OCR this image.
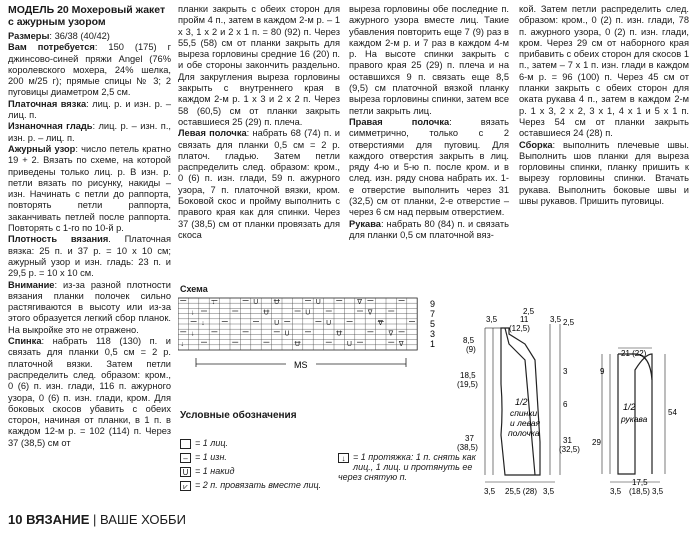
МОДЕЛЬ 20 Мохеровый жакет с ажурным узором

Размеры: 36/38 (40/42)

Вам потребуется: 150 (175) г джинсово-синей пряжи Angel (76% королевского мохера, 24% шелка, 200 м/25 г); прямые спицы № 3; 2 пуговицы диаметром 2,5 см.

Платочная вязка: лиц. р. и изн. р. – лиц. п.

Изнаночная гладь: лиц. р. – изн. п., изн. р. – лиц. п.

Ажурный узор: число петель кратно 19 + 2. Вязать по схеме, на которой приведены только лиц. р. В изн. р. петли вязать по рисунку, накиды – изн. Начинать с петли до раппорта, повторять петли раппорта, заканчивать петлей после раппорта. Повторять с 1-го по 10-й р.

Плотность вязания. Платочная вязка: 25 п. и 37 р. = 10 x 10 см; ажурный узор и изн. гладь: 23 п. и 29,5 р. = 10 x 10 см.

Внимание: из-за разной плотности вязания планки полочек сильно растягиваются в высоту или из-за этого образуется легкий сбор планок. На выкройке это не отражено.

Спинка: набрать 118 (130) п. и связать для планки 0,5 см = 2 р. платочной вязки. Затем петли распределить след. образом: кром., 0 (6) п. изн. глади, 116 п. ажурного узора, 0 (6) п. изн. глади, кром. Для боковых скосов убавить с обеих сторон, начиная от планки, в 1 п. в каждом 12-м р. = 102 (114) п. Через 37 (38,5) см от

планки закрыть с обеих сторон для пройм 4 п., затем в каждом 2-м р. – 1 x 3, 1 x 2 и 2 x 1 п. = 80 (92) п. Через 55,5 (58) см от планки закрыть для выреза горловины средние 16 (20) п. и обе стороны закончить раздельно. Для закругления выреза горловины закрыть с внутреннего края в каждом 2-м р. 1 x 3 и 2 x 2 п. Через 58 (60,5) см от планки закрыть оставшиеся 25 (29) п. плеча.

Левая полочка: набрать 68 (74) п. и связать для планки 0,5 см = 2 р. платоч. гладью. Затем петли распределить след. образом: кром., 0 (6) п. изн. глади, 59 п. ажурного узора, 7 п. платочной вязки, кром. Боковой скос и пройму выполнить с правого края как для спинки. Через 37 (38,5) см от планки провязать для скоса

выреза горловины обе последние п. ажурного узора вместе лиц. Такие убавления повторить еще 7 (9) раз в каждом 2-м р. и 7 раз в каждом 4-м р. На высоте спинки закрыть с правого края 25 (29) п. плеча и на оставшихся 9 п. связать еще 8,5 (9,5) см платочной вязкой планку выреза горловины спинки, затем все петли закрыть лиц.

Правая полочка: вязать симметрично, только с 2 отверстиями для пуговиц. Для каждого отверстия закрыть в лиц. ряду 4-ю и 5-ю п. после кром. и в след. изн. ряду снова набрать их. 1-е отверстие выполнить через 31 (32,5) см от планки, 2-е отверстие – через 6 см над первым отверстием.

Рукава: набрать 80 (84) п. и связать для планки 0,5 см платочной вяз-

кой. Затем петли распределить след. образом: кром., 0 (2) п. изн. глади, 78 п. ажурного узора, 0 (2) п. изн. глади, кром. Через 29 см от наборного края прибавить с обеих сторон для скосов 1 п., затем – 7 x 1 п. изн. глади в каждом 6-м р. = 96 (100) п. Через 45 см от планки закрыть с обеих сторон для оката рукава 4 п., затем в каждом 2-м р. 1 x 3, 2 x 2, 3 x 1, 4 x 1 и 5 x 1 п. Через 54 см от планки закрыть оставшиеся 24 (28) п.

Сборка: выполнить плечевые швы. Выполнить шов планки для выреза горловины спинки, планку пришить к вырезу горловины спинки. Втачать рукава. Выполнить боковые швы и швы рукавов. Пришить пуговицы.

Схема
↓	U U	U	∇
↓	U	U	∇
↓	U	U	∇
↓	U	U	∇
↓	U	U	∇
9
7
5
3
1
MS
Условные обозначения
= 1 лиц.
– = 1 изн.
U = 1 накид
⩗ = 2 п. провязать вместе лиц.
↓ = 1 протяжка: 1 п. снять как лиц., 1 лиц. и протянуть ее через снятую п.
1/2
спинки
и левая
полочка
3,5	11
(12,5)
3,5
2,5
8,5
(9)
18,5
(19,5)
37
(38,5)
2,5
3
6
31
(32,5)
3,5 25,5 (28) 3,5
1/2
рукава
21 (22)
9
29
54
3,5
17,5
(18,5) 3,5
10 ВЯЗАНИЕ | ВАШЕ ХОББИ
